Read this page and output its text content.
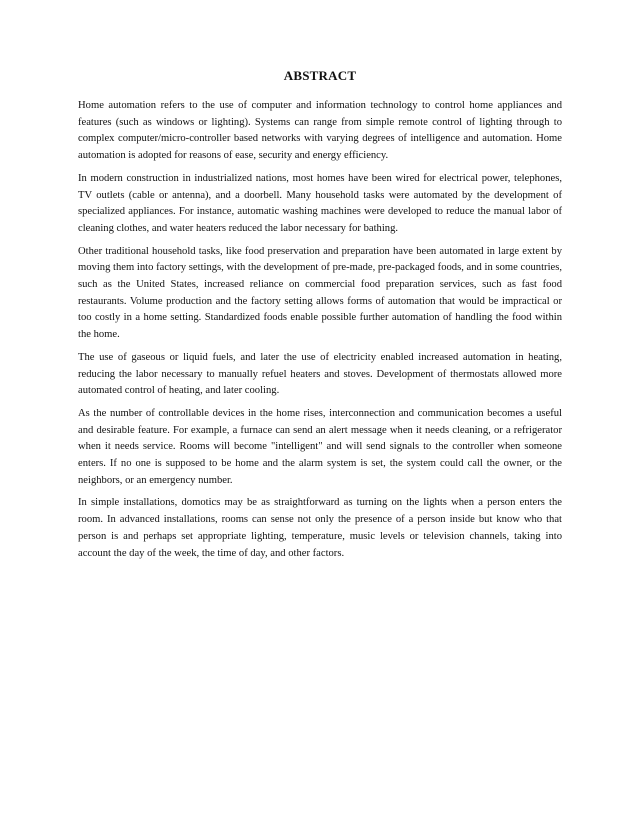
ABSTRACT

Home automation refers to the use of computer and information technology to control home appliances and features (such as windows or lighting). Systems can range from simple remote control of lighting through to complex computer/micro-controller based networks with varying degrees of intelligence and automation. Home automation is adopted for reasons of ease, security and energy efficiency.

In modern construction in industrialized nations, most homes have been wired for electrical power, telephones, TV outlets (cable or antenna), and a doorbell. Many household tasks were automated by the development of specialized appliances. For instance, automatic washing machines were developed to reduce the manual labor of cleaning clothes, and water heaters reduced the labor necessary for bathing.

Other traditional household tasks, like food preservation and preparation have been automated in large extent by moving them into factory settings, with the development of pre-made, pre-packaged foods, and in some countries, such as the United States, increased reliance on commercial food preparation services, such as fast food restaurants. Volume production and the factory setting allows forms of automation that would be impractical or too costly in a home setting. Standardized foods enable possible further automation of handling the food within the home.

The use of gaseous or liquid fuels, and later the use of electricity enabled increased automation in heating, reducing the labor necessary to manually refuel heaters and stoves. Development of thermostats allowed more automated control of heating, and later cooling.

As the number of controllable devices in the home rises, interconnection and communication becomes a useful and desirable feature. For example, a furnace can send an alert message when it needs cleaning, or a refrigerator when it needs service. Rooms will become "intelligent" and will send signals to the controller when someone enters. If no one is supposed to be home and the alarm system is set, the system could call the owner, or the neighbors, or an emergency number.

In simple installations, domotics may be as straightforward as turning on the lights when a person enters the room. In advanced installations, rooms can sense not only the presence of a person inside but know who that person is and perhaps set appropriate lighting, temperature, music levels or television channels, taking into account the day of the week, the time of day, and other factors.
